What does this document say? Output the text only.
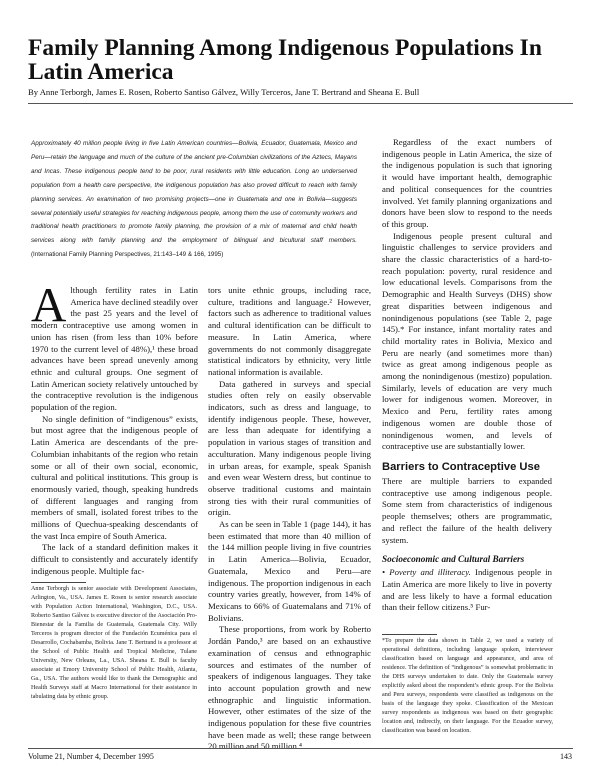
Family Planning Among Indigenous Populations In Latin America
By Anne Terborgh, James E. Rosen, Roberto Santiso Gálvez, Willy Terceros, Jane T. Bertrand and Sheana E. Bull
Approximately 40 million people living in five Latin American countries—Bolivia, Ecuador, Guatemala, Mexico and Peru—retain the language and much of the culture of the ancient pre-Columbian civilizations of the Aztecs, Mayans and Incas. These indigenous people tend to be poor, rural residents with little education. Long an underserved population from a health care perspective, the indigenous population has also proved difficult to reach with family planning services. An examination of two promising projects—one in Guatemala and one in Bolivia—suggests several potentially useful strategies for reaching indigenous people, among them the use of community workers and traditional health practitioners to promote family planning, the provision of a mix of maternal and child health services along with family planning and the employment of bilingual and bicultural staff members. (International Family Planning Perspectives, 21:143–149 & 166, 1995)

Although fertility rates in Latin America have declined steadily over the past 25 years and the level of modern contraceptive use among women in union has risen (from less than 10% before 1970 to the current level of 48%),¹ these broad advances have been spread unevenly among ethnic and cultural groups. One segment of Latin American society relatively untouched by the contraceptive revolution is the indigenous population of the region.

No single definition of “indigenous” exists, but most agree that the indigenous people of Latin America are descendants of the pre-Columbian inhabitants of the region who retain some or all of their own social, economic, cultural and political institutions. This group is enormously varied, though, speaking hundreds of different languages and ranging from members of small, isolated forest tribes to the millions of Quechua-speaking descendants of the vast Inca empire of South America.

The lack of a standard definition makes it difficult to consistently and accurately identify indigenous people. Multiple fac-

tors unite ethnic groups, including race, culture, traditions and language.² However, factors such as adherence to traditional values and cultural identification can be difficult to measure. In Latin America, where governments do not commonly disaggregate statistical indicators by ethnicity, very little national information is available.

Data gathered in surveys and special studies often rely on easily observable indicators, such as dress and language, to identify indigenous people. These, however, are less than adequate for identifying a population in various stages of transition and acculturation. Many indigenous people living in urban areas, for example, speak Spanish and even wear Western dress, but continue to observe traditional customs and maintain strong ties with their rural communities of origin.

As can be seen in Table 1 (page 144), it has been estimated that more than 40 million of the 144 million people living in five countries in Latin America—Bolivia, Ecuador, Guatemala, Mexico and Peru—are indigenous. The proportion indigenous in each country varies greatly, however, from 14% of Mexicans to 66% of Guatemalans and 71% of Bolivians.

These proportions, from work by Roberto Jordán Pando,³ are based on an exhaustive examination of census and ethnographic sources and estimates of the number of speakers of indigenous languages. They take into account population growth and new ethnographic and linguistic information. However, other estimates of the size of the indigenous population for these five countries have been made as well; these range between 20 million and 50 million.⁴

Regardless of the exact numbers of indigenous people in Latin America, the size of the indigenous population is such that ignoring it would have important health, demographic and political consequences for the countries involved. Yet family planning organizations and donors have been slow to respond to the needs of this group.

Indigenous people present cultural and linguistic challenges to service providers and share the classic characteristics of a hard-to-reach population: poverty, rural residence and low educational levels. Comparisons from the Demographic and Health Surveys (DHS) show great disparities between indigenous and nonindigenous populations (see Table 2, page 145).* For instance, infant mortality rates and child mortality rates in Bolivia, Mexico and Peru are nearly (and sometimes more than) twice as great among indigenous people as among the nonindigenous (mestizo) population. Similarly, levels of education are very much lower for indigenous women. Moreover, in Mexico and Peru, fertility rates among indigenous women are double those of nonindigenous women, and levels of contraceptive use are substantially lower.

Barriers to Contraceptive Use

There are multiple barriers to expanded contraceptive use among indigenous people. Some stem from characteristics of indigenous people themselves; others are programmatic, and reflect the failure of the health delivery system.

Socioeconomic and Cultural Barriers

• Poverty and illiteracy. Indigenous people in Latin America are more likely to live in poverty and are less likely to have a formal education than their fellow citizens.⁵ Fur-

Anne Terborgh is senior associate with Development Associates, Arlington, Va., USA. James E. Rosen is senior research associate with Population Action International, Washington, D.C., USA. Roberto Santiso Gálvez is executive director of the Asociación Pro-Bienestar de la Familia de Guatemala, Guatemala City. Willy Terceros is program director of the Fundación Ecuménica para el Desarrollo, Cochabamba, Bolivia. Jane T. Bertrand is a professor at the School of Public Health and Tropical Medicine, Tulane University, New Orleans, La., USA. Sheana E. Bull is faculty associate at Emory University School of Public Health, Atlanta, Ga., USA. The authors would like to thank the Demographic and Health Surveys staff at Macro International for their assistance in tabulating data by ethnic group.
*To prepare the data shown in Table 2, we used a variety of operational definitions, including language spoken, interviewer classification based on language and appearance, and area of residence. The definition of “indigenous” is somewhat problematic in the DHS surveys undertaken to date. Only the Guatemala survey explicitly asked about the respondent’s ethnic group. For the Bolivia and Peru surveys, respondents were classified as indigenous on the basis of the language they spoke. Classification of the Mexican survey respondents as indigenous was based on their geographic location and, indirectly, on their language. For the Ecuador survey, classification was based on location.
Volume 21, Number 4, December 1995	143
